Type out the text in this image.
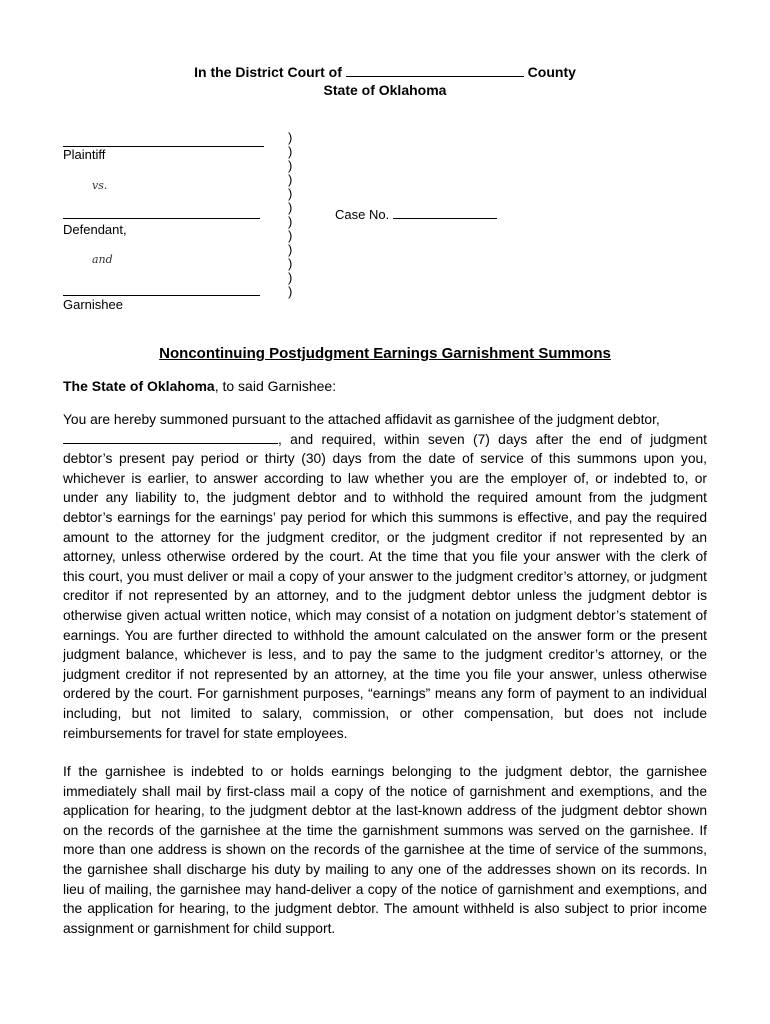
In the District Court of	County
State of Oklahoma
Plaintiff
vs.
Defendant,
and
Garnishee
)
)
)
)
)
)
)
)
)
)
)
)
Case No.
Noncontinuing Postjudgment Earnings Garnishment Summons
The State of Oklahoma, to said Garnishee:
You are hereby summoned pursuant to the attached affidavit as garnishee of the judgment debtor,
, and required, within seven (7) days after the end of judgment
debtor’s present pay period or thirty (30) days from the date of service of this summons upon you,
whichever is earlier, to answer according to law whether you are the employer of, or indebted to, or
under any liability to, the judgment debtor and to withhold the required amount from the judgment
debtor’s earnings for the earnings’ pay period for which this summons is effective, and pay the required
amount to the attorney for the judgment creditor, or the judgment creditor if not represented by an
attorney, unless otherwise ordered by the court. At the time that you file your answer with the clerk of
this court, you must deliver or mail a copy of your answer to the judgment creditor’s attorney, or judgment
creditor if not represented by an attorney, and to the judgment debtor unless the judgment debtor is
otherwise given actual written notice, which may consist of a notation on judgment debtor’s statement of
earnings. You are further directed to withhold the amount calculated on the answer form or the present
judgment balance, whichever is less, and to pay the same to the judgment creditor’s attorney, or the
judgment creditor if not represented by an attorney, at the time you file your answer, unless otherwise
ordered by the court. For garnishment purposes, “earnings” means any form of payment to an individual
including, but not limited to salary, commission, or other compensation, but does not include
reimbursements for travel for state employees.
If the garnishee is indebted to or holds earnings belonging to the judgment debtor, the garnishee
immediately shall mail by first-class mail a copy of the notice of garnishment and exemptions, and the
application for hearing, to the judgment debtor at the last-known address of the judgment debtor shown
on the records of the garnishee at the time the garnishment summons was served on the garnishee. If
more than one address is shown on the records of the garnishee at the time of service of the summons,
the garnishee shall discharge his duty by mailing to any one of the addresses shown on its records. In
lieu of mailing, the garnishee may hand-deliver a copy of the notice of garnishment and exemptions, and
the application for hearing, to the judgment debtor. The amount withheld is also subject to prior income
assignment or garnishment for child support.
